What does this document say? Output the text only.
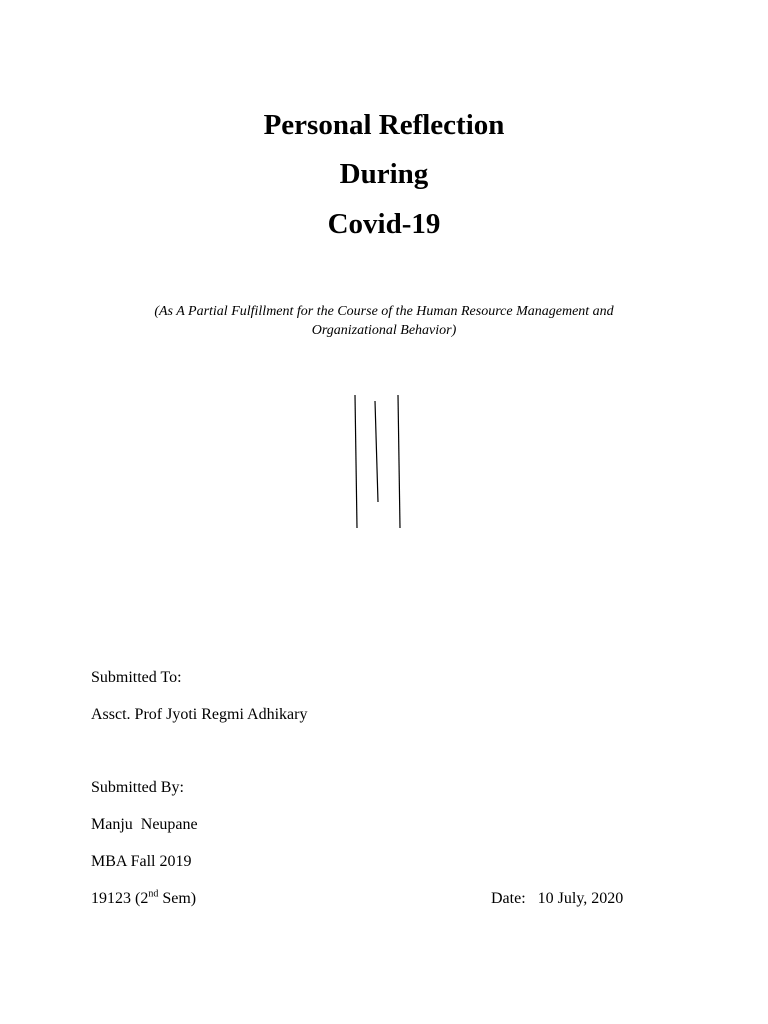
Personal Reflection
During
Covid-19
(As A Partial Fulfillment for the Course of the Human Resource Management and
Organizational Behavior)
Submitted To:
Assct. Prof Jyoti Regmi Adhikary
Submitted By:
Manju  Neupane
MBA Fall 2019
19123 (2nd Sem)	Date: 10 July, 2020
